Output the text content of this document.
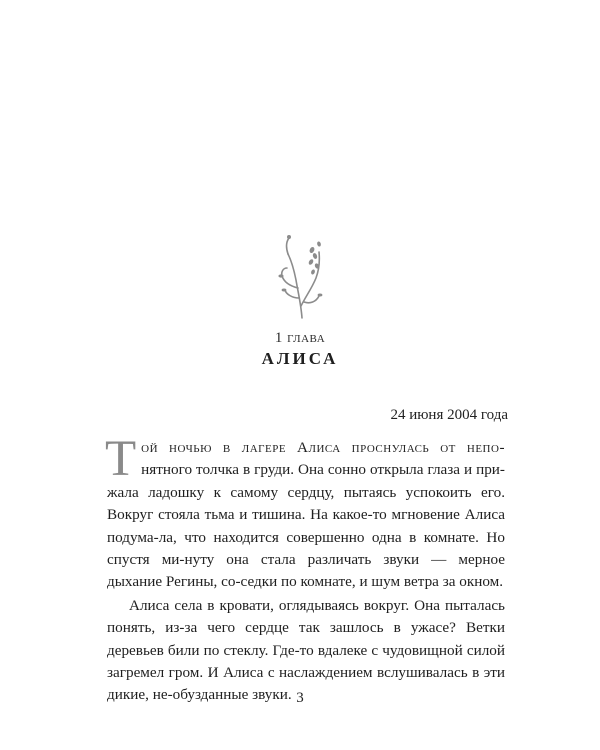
1 глава
АЛИСА
24 июня 2004 года

Той ночью в лагере Алиса проснулась от непо- нятного толчка в груди. Она сонно открыла глаза и при-жала ладошку к самому сердцу, пытаясь успокоить его. Вокруг стояла тьма и тишина. На какое-то мгновение Алиса подума-ла, что находится совершенно одна в комнате. Но спустя ми-нуту она стала различать звуки — мерное дыхание Регины, со-седки по комнате, и шум ветра за окном.

Алиса села в кровати, оглядываясь вокруг. Она пыталась понять, из-за чего сердце так зашлось в ужасе? Ветки деревьев били по стеклу. Где-то вдалеке с чудовищной силой загремел гром. И Алиса с наслаждением вслушивалась в эти дикие, не-обузданные звуки. 3
